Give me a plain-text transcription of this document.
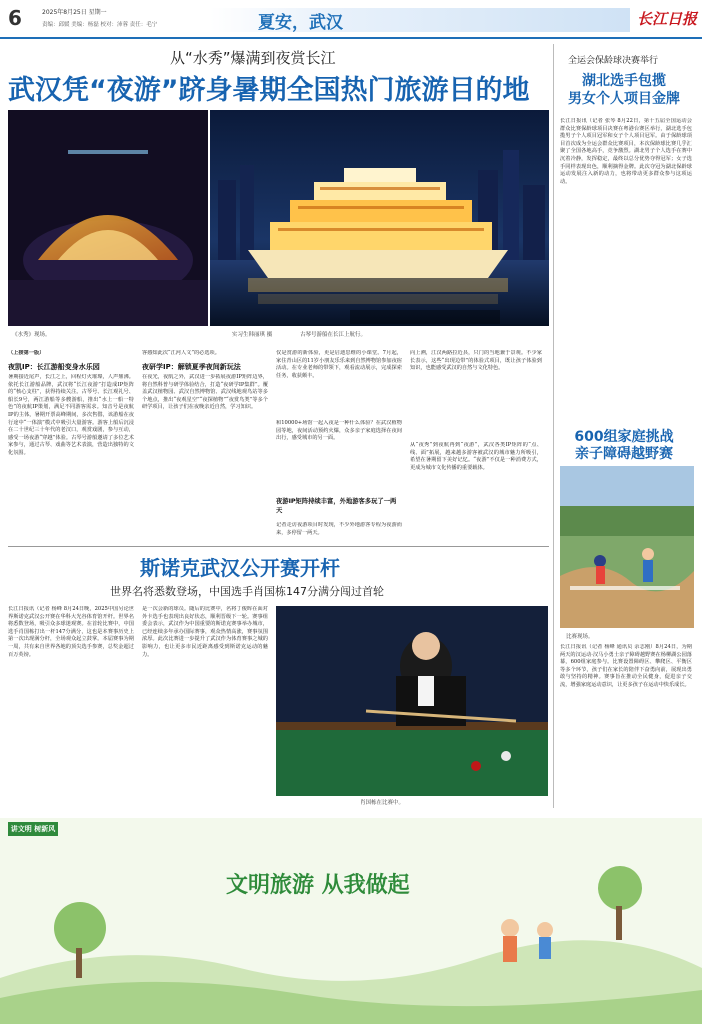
6	2025年8月25日 星期一
责编：邱媛 美编：杨磊 校对：沛蓉 责任：毛宁	夏安，武汉	长江日报
从“水秀”爆满到夜赏长江
武汉凭“夜游”跻身暑期全国热门旅游目的地
《水秀》现场。	实习生韩丽琪 摄	古琴号游船在长江上航行。
（上接第一版）
夜凯IP：长江游船变身水乐园
暑期接近尾声，长江之上，回程灯火璀璨，人声鼎沸。依托长江游船品牌，武汉将“长江夜游”打造成IP矩阵的“核心支柱”，获得持续关注。古琴号、长江观礼号、船长9号，两江游船等多艘游船，推出“水上一船一特色”的夜航IP策划，满足不同游客需求。知音号是夜航IP的主体，暑期开票高峰期间，多次售罄，该游船在夜行途中“一体演”模式中吸引大量游客。游客上船后沉浸在二十世纪三十年代的老汉口，观赏戏剧，参与互动，感受一场夜游“穿越”体验。古琴号游船邀请了多位艺术家参与，通过古琴、戏曲等艺术表演，营造出独特的文化氛围。
客感知此次“江河人文”的必选项。
夜研学IP：解锁夏季夜间新玩法
在夜光，夜航之外，武汉进一步拓展夜游IP矩阵边界，将自然科普与研学体验结合，打造“夜研学IP集群”。覆盖武汉植物园、武汉自然博物馆、武汉线地观鸟站等多个地点，推出“夜观星空”“夜探植物”“夜赏鸟类”等多个研学项目，让孩子们在夜晚亲近自然，学习知识。
仅是赏游的新体验，更是启迪思维的小课堂。7月起，家住青山区的11岁小朋友乐乐来到自然博物馆参加夜宿活动。在专业老师的带领下，观看流动展示，完成探索任务，收获颇丰。
和10000+场馆一起入夜是一种什么体验？在武汉植物园等地，夜间活动预约火爆，众多亲子家庭选择在夜间出行，感受城市的另一面。
夜游IP矩阵持续丰富，外地游客多玩了一两天
记者走访夜游项目时发现，不少外地游客专程为夜游而来，多停留一两天。
向上溯，江汉两路拉近县，只门的当地兼于景观。不少家长表示，这些“出现边带”的体验式项目，既让孩子体验到知识，也能感受武汉的自然与文化特色。
从“夜秀”到夜航再到“夜游”，武汉各类IP矩阵的“点、线、面”拓展，越来越多游客被武汉的城市魅力所吸引，希望在暑期留下美好记忆。“夜游”不仅是一种消费方式，更成为城市文化传播的重要载体。
全运会保龄球决赛举行
湖北选手包揽
男女个人项目金牌
长江日报讯（记者 张琴 8月22日，第十五届全国运动会群众比赛保龄球项目决赛在粤港台赛区举行，湖北选手包揽男子个人项目冠军和女子个人项目冠军。由于保龄球项目首次成为全运会群众比赛项目，本次保龄球比赛几乎汇聚了全国各地高手，竞争激烈。湖北男子个人选手在赛中沉着冷静，发挥稳定，最终以总分优势夺得冠军；女子选手同样表现出色，顺利摘得金牌。此次夺冠为湖北保龄球运动发展注入新的动力，也将带动更多群众参与这项运动。
600组家庭挑战
亲子障碍越野赛
比赛现场。
长江日报讯（记者 杨峰 通讯员 余志刚）8月24日，为期两天的汉运动·汉马小勇士亲子障碍越野赛在杨柳湖公园落幕，600组家庭参与。比赛设置障碍区、攀爬区、平衡区等多个环节，孩子们在家长的陪伴下奋勇向前，展现出勇敢与坚持的精神。赛事旨在推动全民健身，促进亲子交流，增强家庭运动意识，让更多孩子在运动中快乐成长。
斯诺克武汉公开赛开杆
世界名将悉数登场，中国选手肖国栋147分满分闯过首轮
长江日报讯（记者 杨峰 8月24日晚，2025中国另论世界斯诺克武汉公开赛在华科大光谷体育馆开杆。世界名将悉数登场，吸引众多球迷观赛。在首轮比赛中，中国选手肖国栋打出一杆147分满分，这也是本赛事历史上第一次出现满分杆，全场观众起立鼓掌。本届赛事为期一周，共有来自世界各地的顶尖选手参赛，总奖金超过百万英镑。
是一次会新的球员。随后的比赛中，名将丁俊晖在面对外卡选手也表现出良好状态，顺利晋级下一轮。赛事组委会表示，武汉作为中国重要的斯诺克赛事举办城市，已经连续多年承办国际赛事，观众热情高涨，赛事氛围浓厚。此次比赛进一步提升了武汉作为体育赛事之城的影响力，也让更多市民近距离感受到斯诺克运动的魅力。
肖国栋在比赛中。
讲文明 树新风
文明旅游 从我做起
